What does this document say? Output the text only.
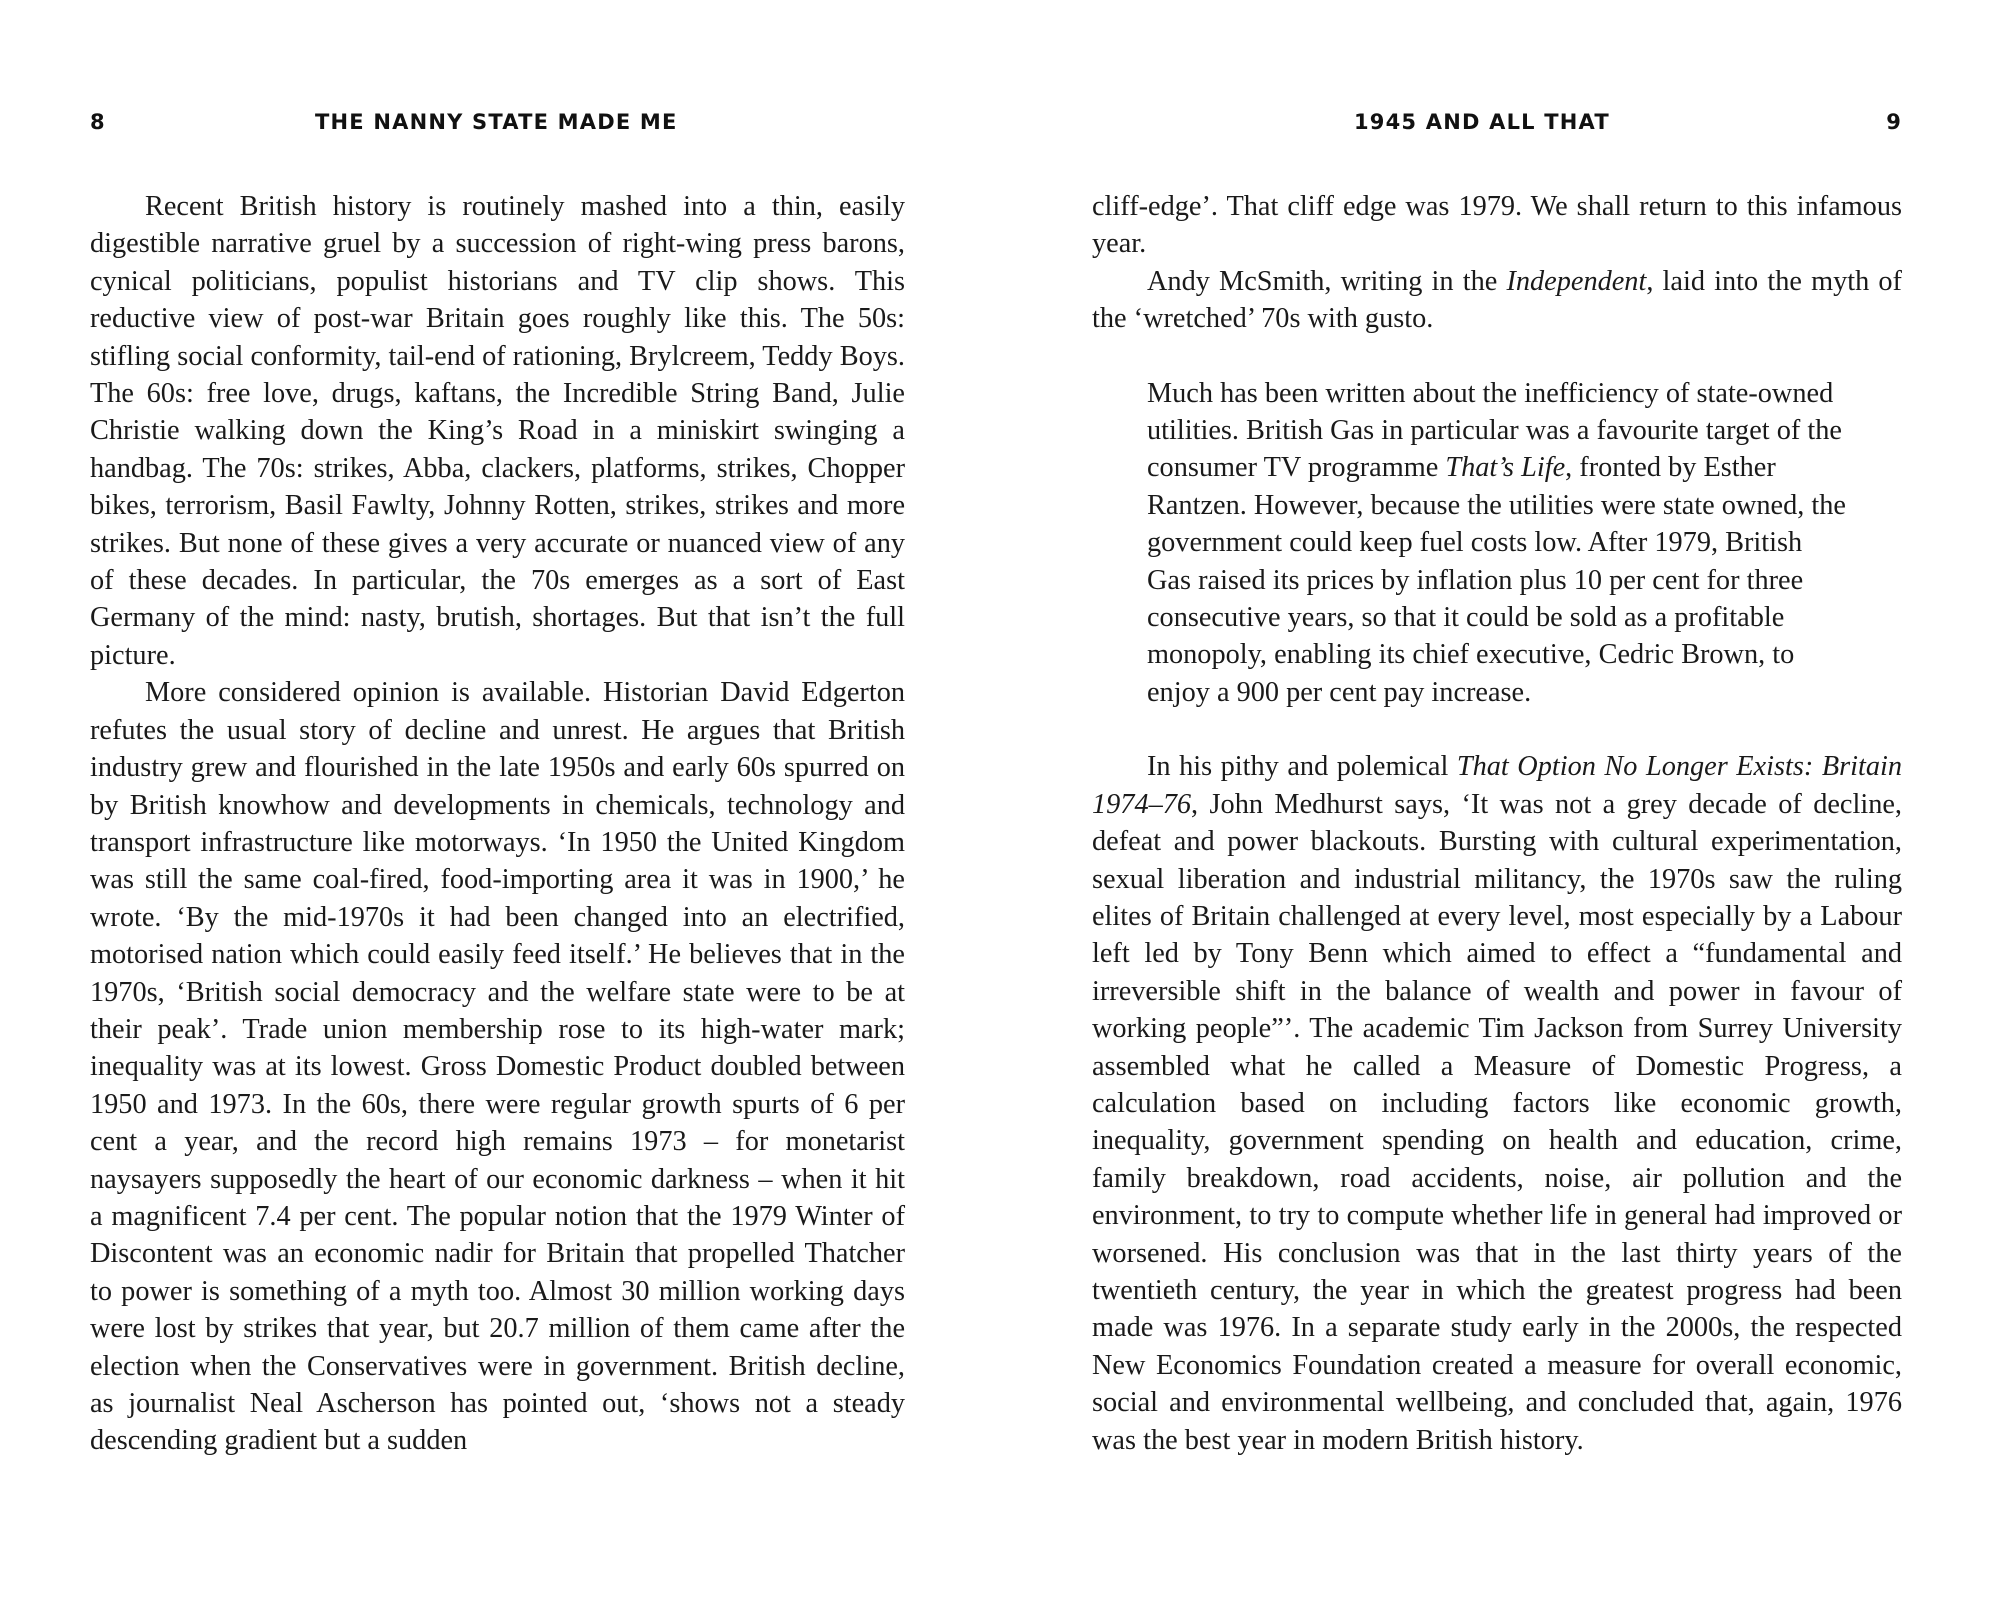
8	THE NANNY STATE MADE ME

Recent British history is routinely mashed into a thin, easily digestible narrative gruel by a succession of right-wing press barons, cynical politicians, populist historians and TV clip shows. This reductive view of post-war Britain goes roughly like this. The 50s: stifling social conformity, tail-end of rationing, Brylcreem, Teddy Boys. The 60s: free love, drugs, kaftans, the Incredible String Band, Julie Christie walking down the King’s Road in a miniskirt swinging a handbag. The 70s: strikes, Abba, clackers, platforms, strikes, Chopper bikes, terrorism, Basil Fawlty, Johnny Rotten, strikes, strikes and more strikes. But none of these gives a very accurate or nuanced view of any of these decades. In particular, the 70s emerges as a sort of East Germany of the mind: nasty, brutish, shortages. But that isn’t the full picture.

More considered opinion is available. Historian David Edgerton refutes the usual story of decline and unrest. He argues that British industry grew and flourished in the late 1950s and early 60s spurred on by British knowhow and developments in chemicals, technology and transport infrastructure like motorways. ‘In 1950 the United Kingdom was still the same coal-fired, food-importing area it was in 1900,’ he wrote. ‘By the mid-1970s it had been changed into an electrified, motorised nation which could easily feed itself.’ He believes that in the 1970s, ‘British social democracy and the welfare state were to be at their peak’. Trade union membership rose to its high-water mark; inequality was at its lowest. Gross Domestic Product doubled between 1950 and 1973. In the 60s, there were regular growth spurts of 6 per cent a year, and the record high remains 1973 – for monetarist naysayers supposedly the heart of our economic darkness – when it hit a magnificent 7.4 per cent. The popular notion that the 1979 Winter of Discontent was an economic nadir for Britain that propelled Thatcher to power is something of a myth too. Almost 30 million working days were lost by strikes that year, but 20.7 million of them came after the election when the Conservatives were in government. British decline, as journalist Neal Ascherson has pointed out, ‘shows not a steady descending gradient but a sudden

1945 AND ALL THAT	9

cliff-edge’. That cliff edge was 1979. We shall return to this infamous year.

Andy McSmith, writing in the Independent, laid into the myth of the ‘wretched’ 70s with gusto.

Much has been written about the inefficiency of state-owned utilities. British Gas in particular was a favourite target of the consumer TV programme That’s Life, fronted by Esther Rantzen. However, because the utilities were state owned, the government could keep fuel costs low. After 1979, British Gas raised its prices by inflation plus 10 per cent for three consecutive years, so that it could be sold as a profitable monopoly, enabling its chief executive, Cedric Brown, to enjoy a 900 per cent pay increase.

In his pithy and polemical That Option No Longer Exists: Britain 1974–76, John Medhurst says, ‘It was not a grey decade of decline, defeat and power blackouts. Bursting with cultural experimentation, sexual liberation and industrial militancy, the 1970s saw the ruling elites of Britain challenged at every level, most especially by a Labour left led by Tony Benn which aimed to effect a “fundamental and irreversible shift in the balance of wealth and power in favour of working people”’. The academic Tim Jackson from Surrey University assembled what he called a Measure of Domestic Progress, a calculation based on including factors like economic growth, inequality, government spending on health and education, crime, family breakdown, road accidents, noise, air pollution and the environment, to try to compute whether life in general had improved or worsened. His conclusion was that in the last thirty years of the twentieth century, the year in which the greatest progress had been made was 1976. In a separate study early in the 2000s, the respected New Economics Foundation created a measure for overall economic, social and environmental wellbeing, and concluded that, again, 1976 was the best year in modern British history.
